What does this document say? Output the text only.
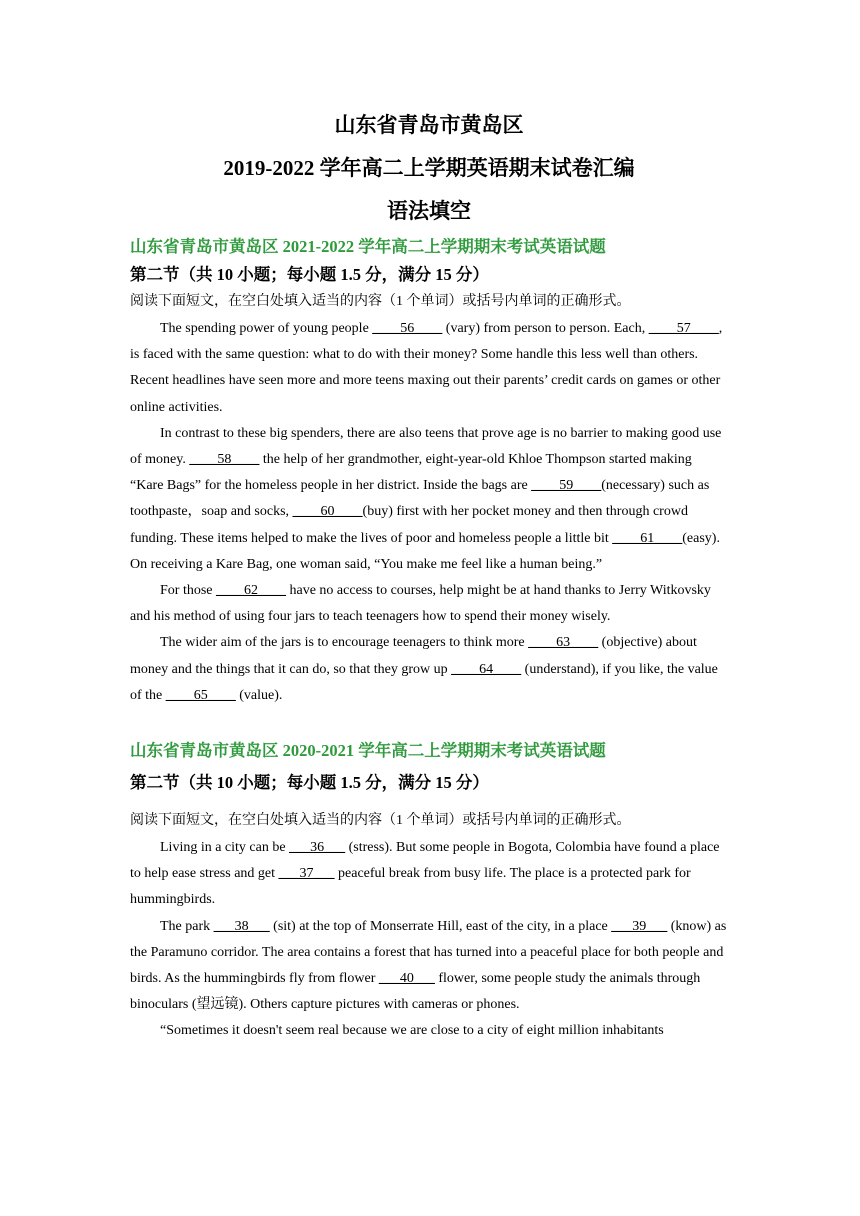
山东省青岛市黄岛区
2019-2022 学年高二上学期英语期末试卷汇编
语法填空
山东省青岛市黄岛区 2021-2022 学年高二上学期期末考试英语试题
第二节（共 10 小题；每小题 1.5 分，满分 15 分）
阅读下面短文，在空白处填入适当的内容（1 个单词）或括号内单词的正确形式。

The spending power of young people ____56____ (vary) from person to person. Each, ____57____, is faced with the same question: what to do with their money? Some handle this less well than others. Recent headlines have seen more and more teens maxing out their parents’ credit cards on games or other online activities.

In contrast to these big spenders, there are also teens that prove age is no barrier to making good use of money. ____58____ the help of her grandmother, eight-year-old Khloe Thompson started making “Kare Bags” for the homeless people in her district. Inside the bags are ____59____(necessary) such as toothpaste，soap and socks, ____60____(buy) first with her pocket money and then through crowd funding. These items helped to make the lives of poor and homeless people a little bit ____61____(easy). On receiving a Kare Bag, one woman said, “You make me feel like a human being.”

For those ____62____ have no access to courses, help might be at hand thanks to Jerry Witkovsky and his method of using four jars to teach teenagers how to spend their money wisely.

The wider aim of the jars is to encourage teenagers to think more ____63____ (objective) about money and the things that it can do, so that they grow up ____64____ (understand), if you like, the value of the ____65____ (value).

山东省青岛市黄岛区 2020-2021 学年高二上学期期末考试英语试题
第二节（共 10 小题；每小题 1.5 分，满分 15 分）
阅读下面短文，在空白处填入适当的内容（1 个单词）或括号内单词的正确形式。

Living in a city can be ___36___ (stress). But some people in Bogota, Colombia have found a place to help ease stress and get ___37___ peaceful break from busy life. The place is a protected park for hummingbirds.

The park ___38___ (sit) at the top of Monserrate Hill, east of the city, in a place ___39___ (know) as the Paramuno corridor. The area contains a forest that has turned into a peaceful place for both people and birds. As the hummingbirds fly from flower ___40___ flower, some people study the animals through binoculars (望远镜). Others capture pictures with cameras or phones.

“Sometimes it doesn't seem real because we are close to a city of eight million inhabitants
